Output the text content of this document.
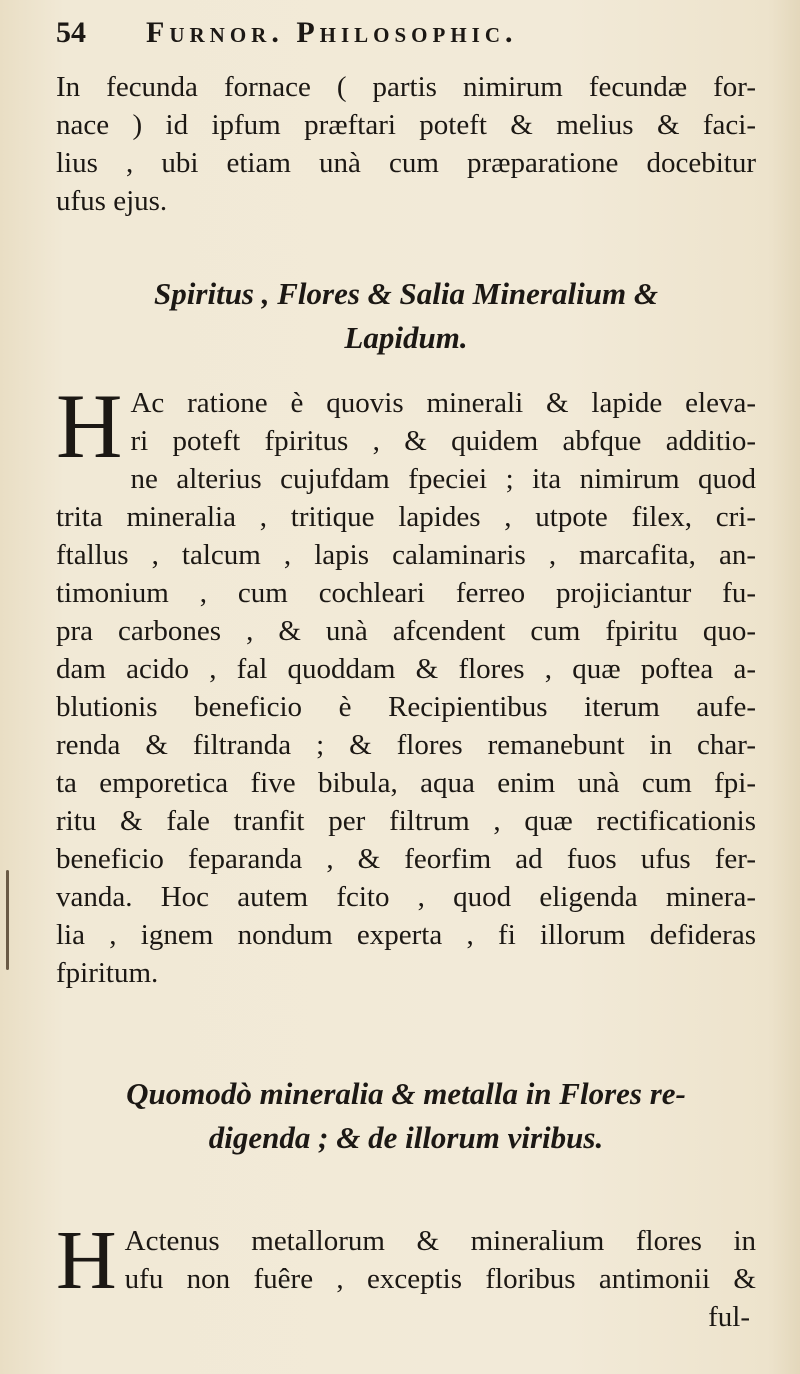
54 Furnor. Philosophic.
In fecunda fornace ( partis nimirum fecundæ for-
nace ) id ipfum præftari poteft & melius & faci-
lius , ubi etiam unà cum præparatione docebitur
ufus ejus.
Spiritus , Flores & Salia Mineralium &
Lapidum.
H Ac ratione è quovis minerali & lapide eleva-
ri poteft fpiritus , & quidem abfque additio-
ne alterius cujufdam fpeciei ; ita nimirum quod
trita mineralia , tritique lapides , utpote filex, cri-
ftallus , talcum , lapis calaminaris , marcafita, an-
timonium , cum cochleari ferreo projiciantur fu-
pra carbones , & unà afcendent cum fpiritu quo-
dam acido , fal quoddam & flores , quæ poftea a-
blutionis beneficio è Recipientibus iterum aufe-
renda & filtranda ; & flores remanebunt in char-
ta emporetica five bibula, aqua enim unà cum fpi-
ritu & fale tranfit per filtrum , quæ rectificationis
beneficio feparanda , & feorfim ad fuos ufus fer-
vanda. Hoc autem fcito , quod eligenda minera-
lia , ignem nondum experta , fi illorum defideras
fpiritum.
Quomodò mineralia & metalla in Flores re-
digenda ; & de illorum viribus.
H Actenus metallorum & mineralium flores in
ufu non fuêre , exceptis floribus antimonii &
ful-
